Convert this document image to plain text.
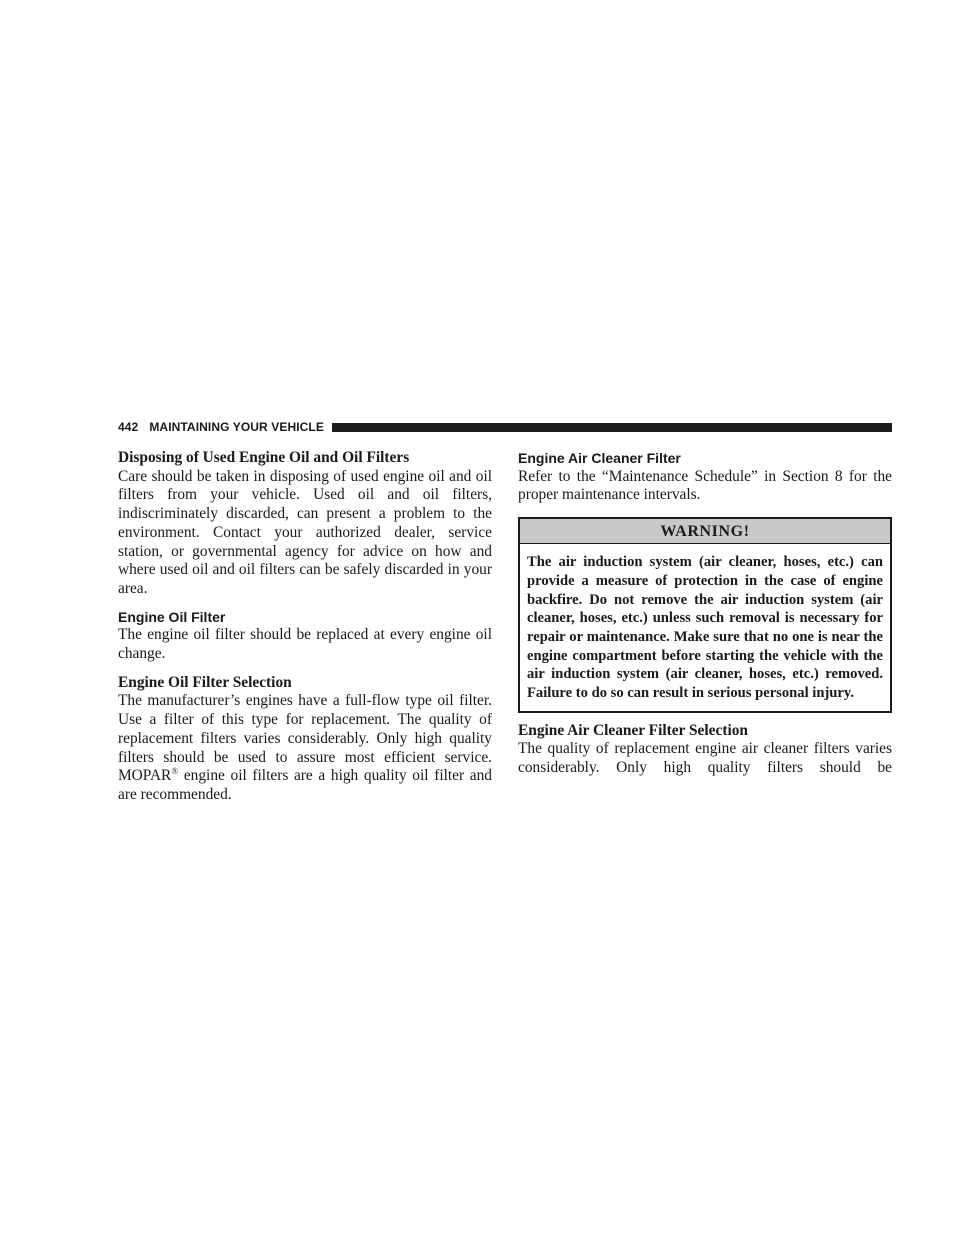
442 MAINTAINING YOUR VEHICLE

Disposing of Used Engine Oil and Oil Filters

Care should be taken in disposing of used engine oil and oil filters from your vehicle. Used oil and oil filters, indiscriminately discarded, can present a problem to the environment. Contact your authorized dealer, service station, or governmental agency for advice on how and where used oil and oil filters can be safely discarded in your area.

Engine Oil Filter

The engine oil filter should be replaced at every engine oil change.

Engine Oil Filter Selection

The manufacturer’s engines have a full-flow type oil filter. Use a filter of this type for replacement. The quality of replacement filters varies considerably. Only high quality filters should be used to assure most efficient service. MOPAR® engine oil filters are a high quality oil filter and are recommended.

Engine Air Cleaner Filter

Refer to the “Maintenance Schedule” in Section 8 for the proper maintenance intervals.

WARNING!

The air induction system (air cleaner, hoses, etc.) can provide a measure of protection in the case of engine backfire. Do not remove the air induction system (air cleaner, hoses, etc.) unless such removal is necessary for repair or maintenance. Make sure that no one is near the engine compartment before starting the vehicle with the air induction system (air cleaner, hoses, etc.) removed. Failure to do so can result in serious personal injury.

Engine Air Cleaner Filter Selection

The quality of replacement engine air cleaner filters varies considerably. Only high quality filters should be
